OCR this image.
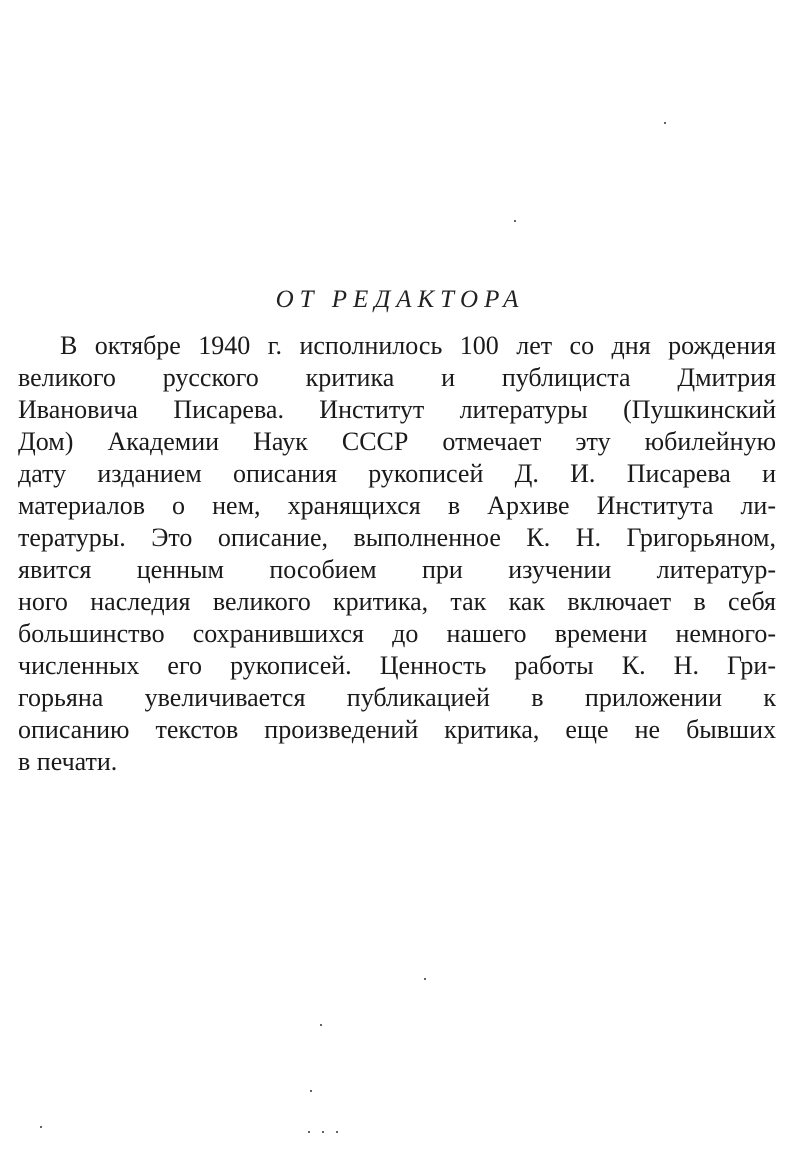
ОТ РЕДАКТОРА
В октябре 1940 г. исполнилось 100 лет со дня рождения
великого русского критика и публициста Дмитрия
Ивановича Писарева. Институт литературы (Пушкинский
Дом) Академии Наук СССР отмечает эту юбилейную
дату изданием описания рукописей Д. И. Писарева и
материалов о нем, хранящихся в Архиве Института ли-
тературы. Это описание, выполненное К. Н. Григорьяном,
явится ценным пособием при изучении литератур-
ного наследия великого критика, так как включает в себя
большинство сохранившихся до нашего времени немного-
численных его рукописей. Ценность работы К. Н. Гри-
горьяна увеличивается публикацией в приложении к
описанию текстов произведений критика, еще не бывших
в печати.
